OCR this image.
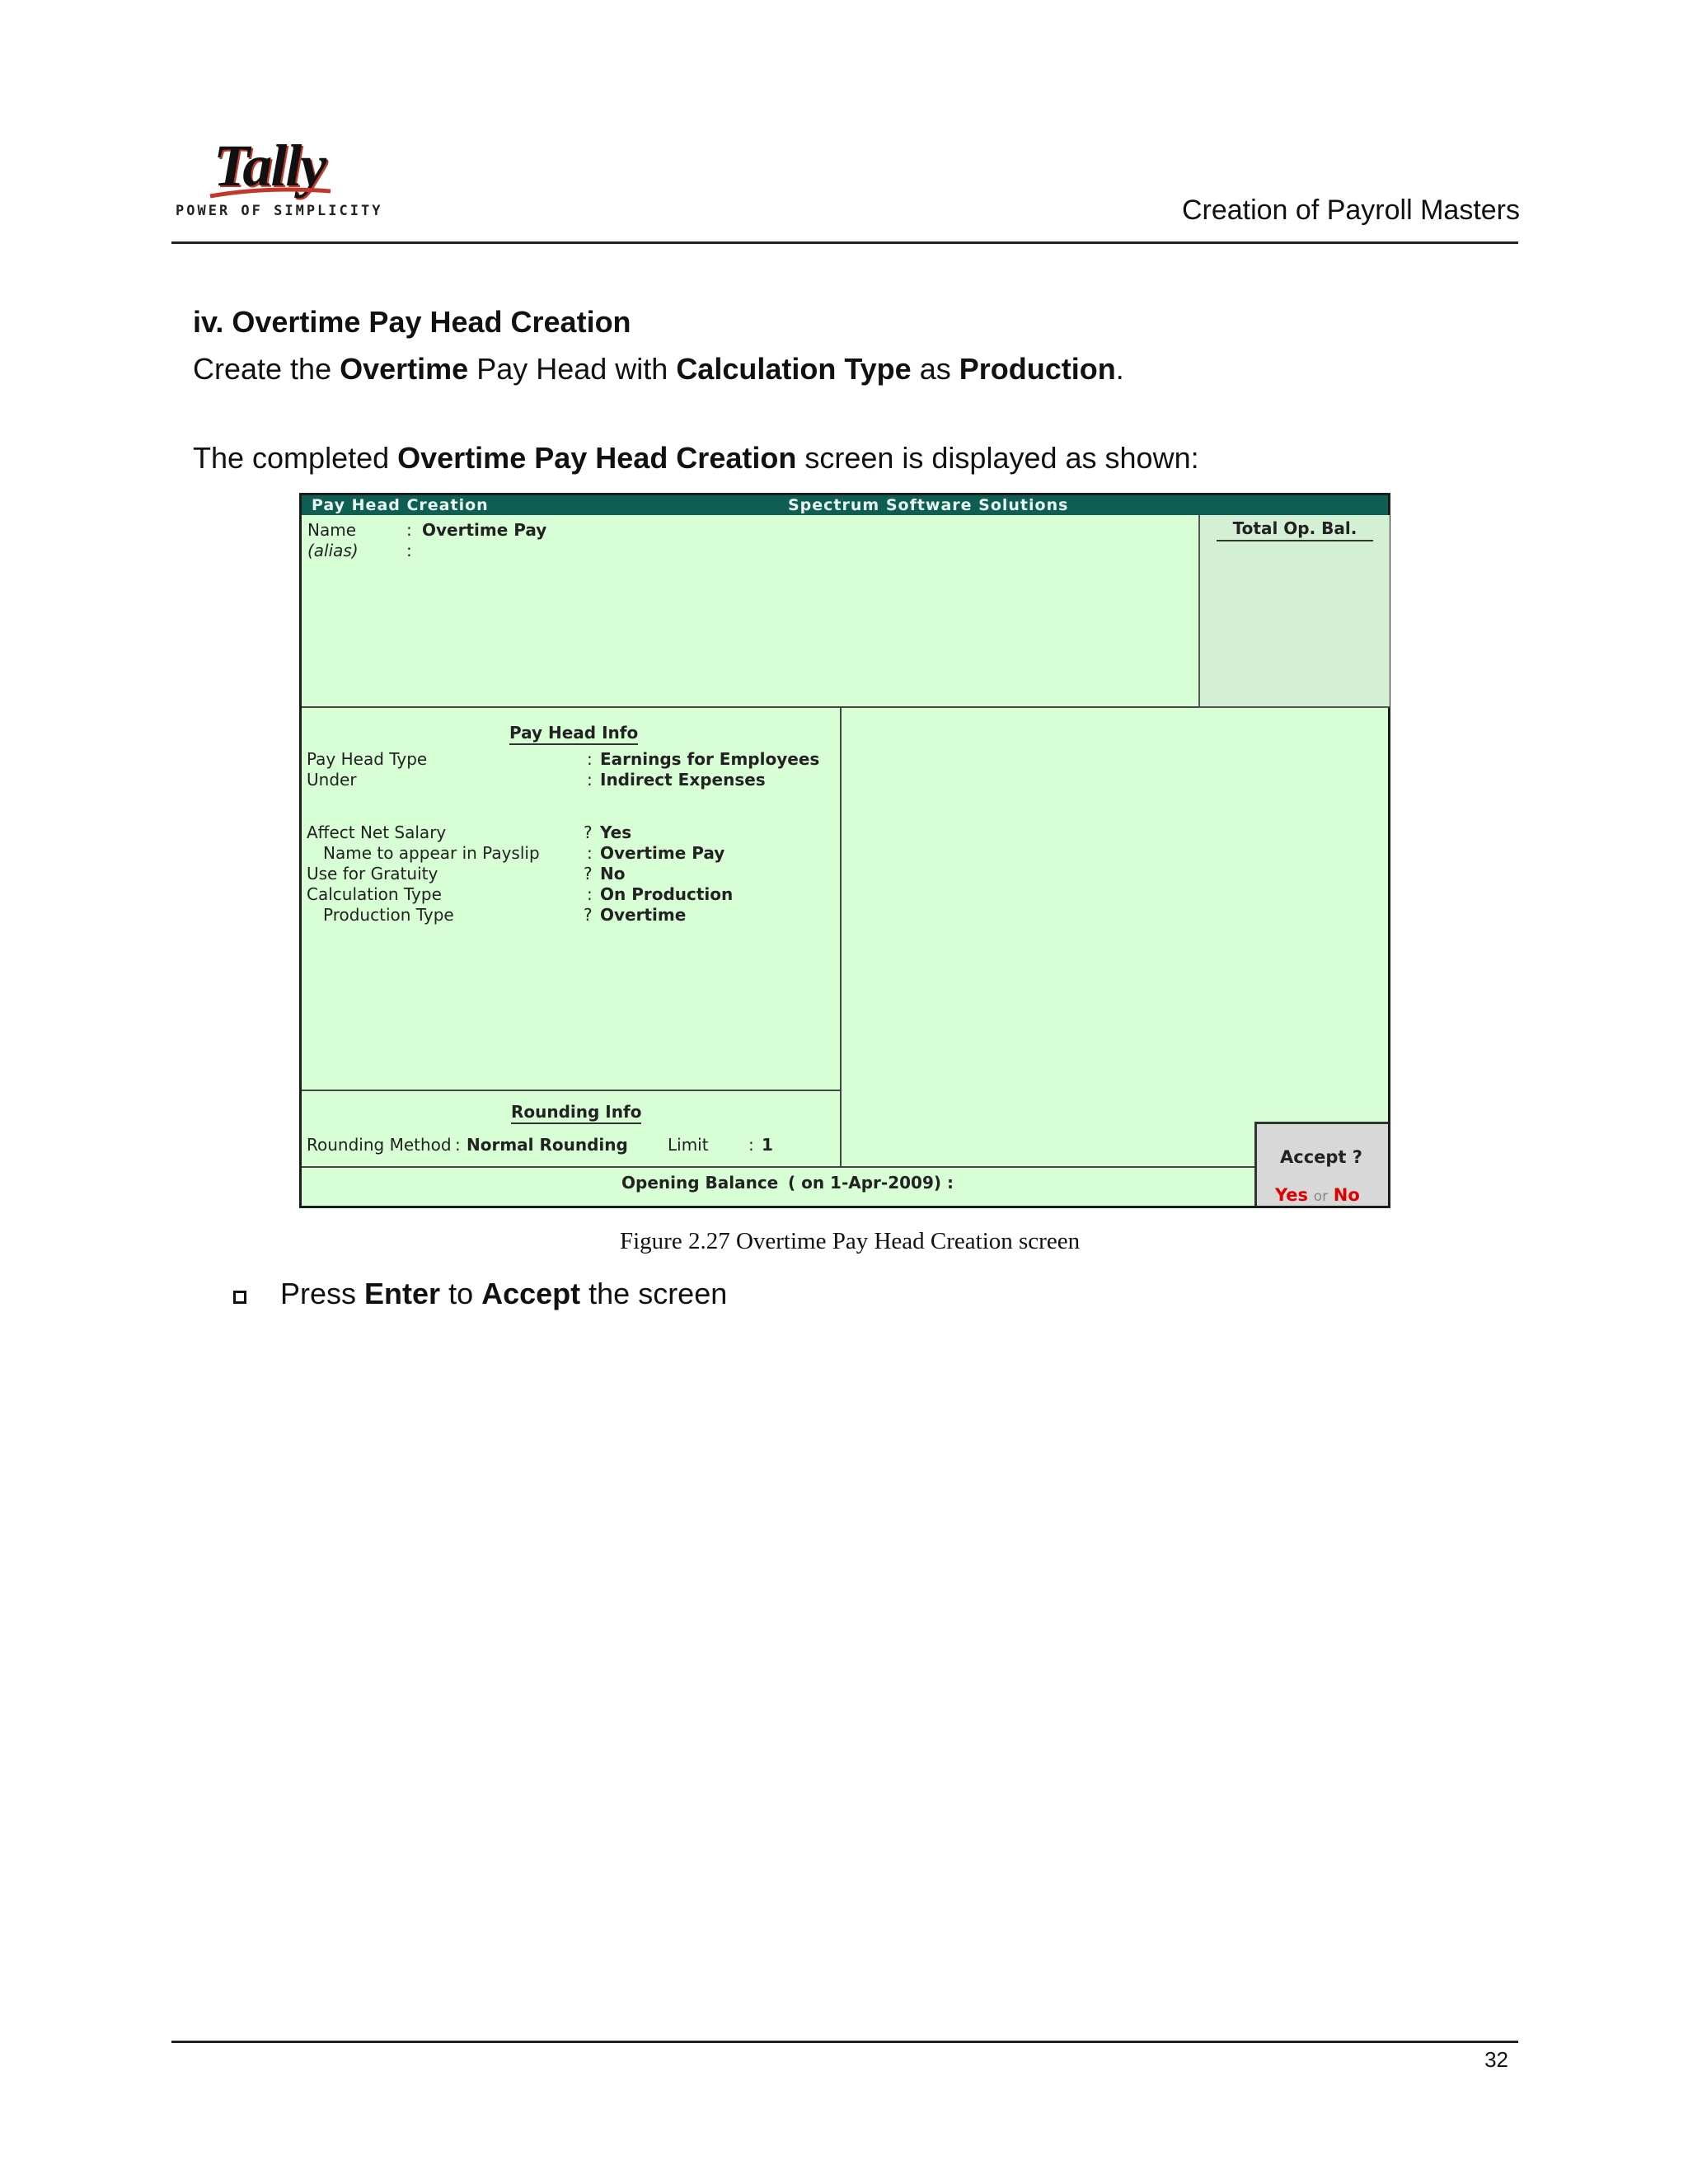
Tally
POWER OF SIMPLICITY	Creation of Payroll Masters
iv. Overtime Pay Head Creation
Create the Overtime Pay Head with Calculation Type as Production.
The completed Overtime Pay Head Creation screen is displayed as shown:
Pay Head Creation	Spectrum Software Solutions
Name	: Overtime Pay
(alias)	:
Total Op. Bal.
Pay Head Info
Pay Head Type	: Earnings for Employees
Under	: Indirect Expenses
Affect Net Salary	? Yes
Name to appear in Payslip	: Overtime Pay
Use for Gratuity	? No
Calculation Type	: On Production
Production Type	? Overtime
Rounding Info
Rounding Method : Normal Rounding Limit : 1
Opening Balance ( on 1-Apr-2009) :
Accept ?
Yes or No
Figure 2.27 Overtime Pay Head Creation screen
Press Enter to Accept the screen
32
